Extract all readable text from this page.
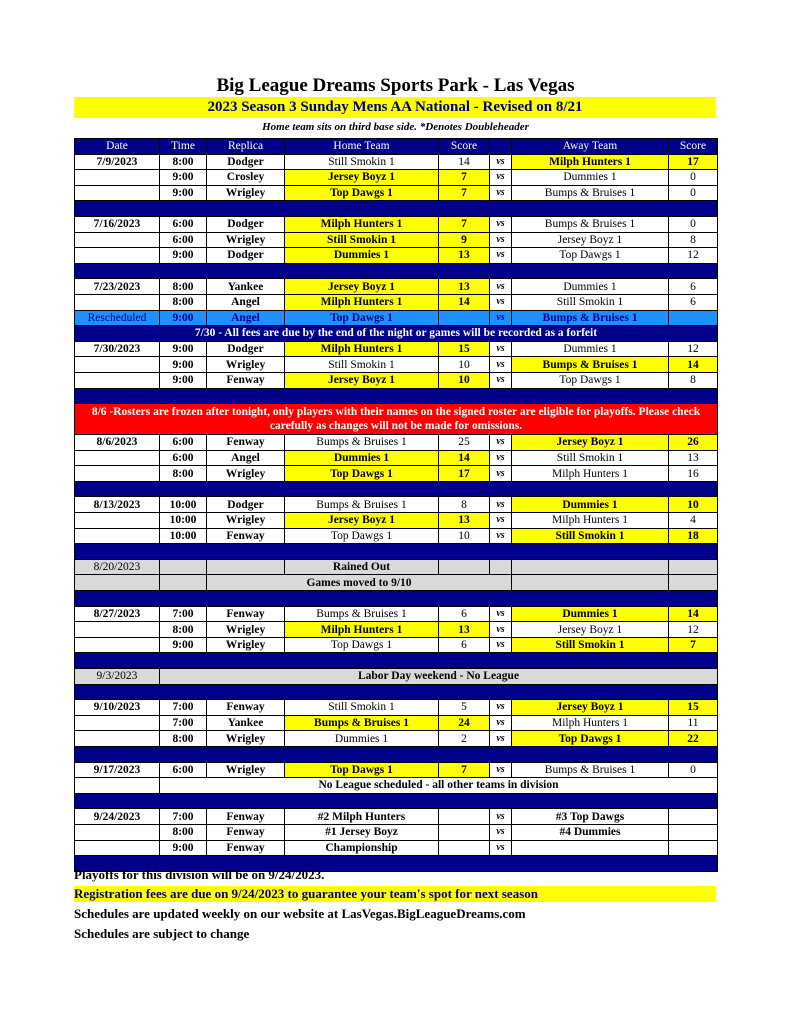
Big League Dreams Sports Park - Las Vegas
2023 Season 3 Sunday Mens AA National - Revised on 8/21
Home team sits on third base side. *Denotes Doubleheader
Date	Time	Replica	Home Team	Score		Away Team	Score
7/9/2023	8:00	Dodger	Still Smokin 1	14	vs	Milph Hunters 1	17
	9:00	Crosley	Jersey Boyz 1	7	vs	Dummies 1	0
	9:00	Wrigley	Top Dawgs 1	7	vs	Bumps & Bruises 1	0

7/16/2023	6:00	Dodger	Milph Hunters 1	7	vs	Bumps & Bruises 1	0
	6:00	Wrigley	Still Smokin 1	9	vs	Jersey Boyz 1	8
	9:00	Dodger	Dummies 1	13	vs	Top Dawgs 1	12

7/23/2023	8:00	Yankee	Jersey Boyz 1	13	vs	Dummies 1	6
	8:00	Angel	Milph Hunters 1	14	vs	Still Smokin 1	6
Rescheduled	9:00	Angel	Top Dawgs 1		vs	Bumps & Bruises 1	
7/30 - All fees are due by the end of the night or games will be recorded as a forfeit							
7/30/2023	9:00	Dodger	Milph Hunters 1	15	vs	Dummies 1	12
	9:00	Wrigley	Still Smokin 1	10	vs	Bumps & Bruises 1	14
	9:00	Fenway	Jersey Boyz 1	10	vs	Top Dawgs 1	8

8/6 -Rosters are frozen after tonight, only players with their names on the signed roster are eligible for playoffs. Please check carefully as changes will not be made for omissions.							
8/6/2023	6:00	Fenway	Bumps & Bruises 1	25	vs	Jersey Boyz 1	26
	6:00	Angel	Dummies 1	14	vs	Still Smokin 1	13
	8:00	Wrigley	Top Dawgs 1	17	vs	Milph Hunters 1	16

8/13/2023	10:00	Dodger	Bumps & Bruises 1	8	vs	Dummies 1	10
	10:00	Wrigley	Jersey Boyz 1	13	vs	Milph Hunters 1	4
	10:00	Fenway	Top Dawgs 1	10	vs	Still Smokin 1	18

8/20/2023			Rained Out				
		Games moved to 9/10					

8/27/2023	7:00	Fenway	Bumps & Bruises 1	6	vs	Dummies 1	14
	8:00	Wrigley	Milph Hunters 1	13	vs	Jersey Boyz 1	12
	9:00	Wrigley	Top Dawgs 1	6	vs	Still Smokin 1	7

9/3/2023	Labor Day weekend - No League						

9/10/2023	7:00	Fenway	Still Smokin 1	5	vs	Jersey Boyz 1	15
	7:00	Yankee	Bumps & Bruises 1	24	vs	Milph Hunters 1	11
	8:00	Wrigley	Dummies 1	2	vs	Top Dawgs 1	22

9/17/2023	6:00	Wrigley	Top Dawgs 1	7	vs	Bumps & Bruises 1	0
	No League scheduled - all other teams in division						

9/24/2023	7:00	Fenway	#2 Milph Hunters		vs	#3 Top Dawgs	
	8:00	Fenway	#1 Jersey Boyz		vs	#4 Dummies	
	9:00	Fenway	Championship		vs		

Playoffs for this division will be on 9/24/2023.
Registration fees are due on 9/24/2023 to guarantee your team's spot for next season
Schedules are updated weekly on our website at LasVegas.BigLeagueDreams.com
Schedules are subject to change
